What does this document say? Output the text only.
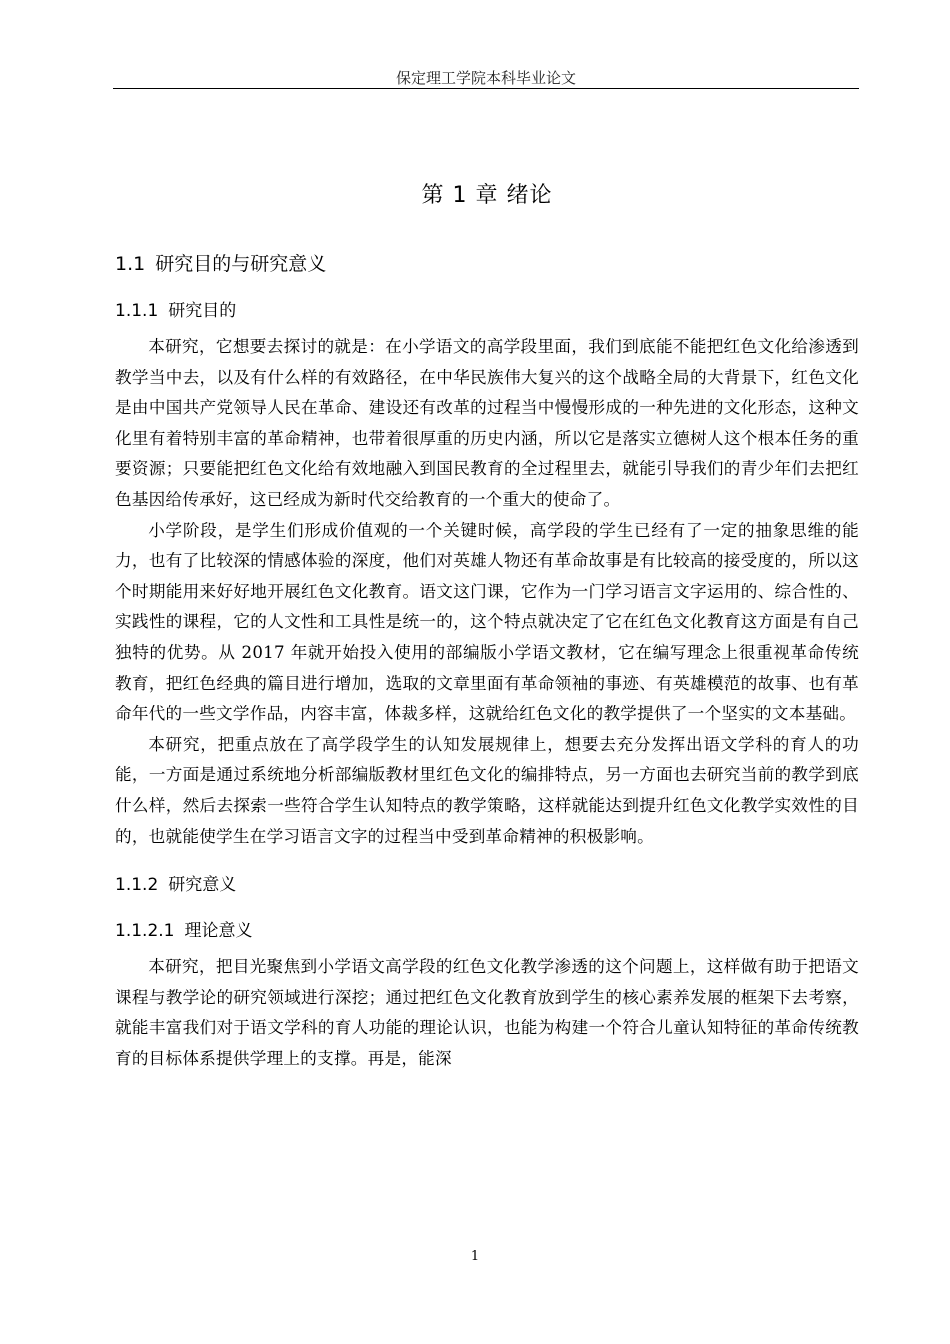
保定理工学院本科毕业论文
第 1 章 绪论
1.1 研究目的与研究意义
1.1.1 研究目的

本研究，它想要去探讨的就是：在小学语文的高学段里面，我们到底能不能把红色文化给渗透到教学当中去，以及有什么样的有效路径，在中华民族伟大复兴的这个战略全局的大背景下，红色文化是由中国共产党领导人民在革命、建设还有改革的过程当中慢慢形成的一种先进的文化形态，这种文化里有着特别丰富的革命精神，也带着很厚重的历史内涵，所以它是落实立德树人这个根本任务的重要资源；只要能把红色文化给有效地融入到国民教育的全过程里去，就能引导我们的青少年们去把红色基因给传承好，这已经成为新时代交给教育的一个重大的使命了。

小学阶段，是学生们形成价值观的一个关键时候，高学段的学生已经有了一定的抽象思维的能力，也有了比较深的情感体验的深度，他们对英雄人物还有革命故事是有比较高的接受度的，所以这个时期能用来好好地开展红色文化教育。语文这门课，它作为一门学习语言文字运用的、综合性的、实践性的课程，它的人文性和工具性是统一的，这个特点就决定了它在红色文化教育这方面是有自己独特的优势。从 2017 年就开始投入使用的部编版小学语文教材，它在编写理念上很重视革命传统教育，把红色经典的篇目进行增加，选取的文章里面有革命领袖的事迹、有英雄模范的故事、也有革命年代的一些文学作品，内容丰富，体裁多样，这就给红色文化的教学提供了一个坚实的文本基础。

本研究，把重点放在了高学段学生的认知发展规律上，想要去充分发挥出语文学科的育人的功能，一方面是通过系统地分析部编版教材里红色文化的编排特点，另一方面也去研究当前的教学到底什么样，然后去探索一些符合学生认知特点的教学策略，这样就能达到提升红色文化教学实效性的目的，也就能使学生在学习语言文字的过程当中受到革命精神的积极影响。

1.1.2 研究意义
1.1.2.1 理论意义

本研究，把目光聚焦到小学语文高学段的红色文化教学渗透的这个问题上，这样做有助于把语文课程与教学论的研究领域进行深挖；通过把红色文化教育放到学生的核心素养发展的框架下去考察，就能丰富我们对于语文学科的育人功能的理论认识，也能为构建一个符合儿童认知特征的革命传统教育的目标体系提供学理上的支撑。再是，能深

1
